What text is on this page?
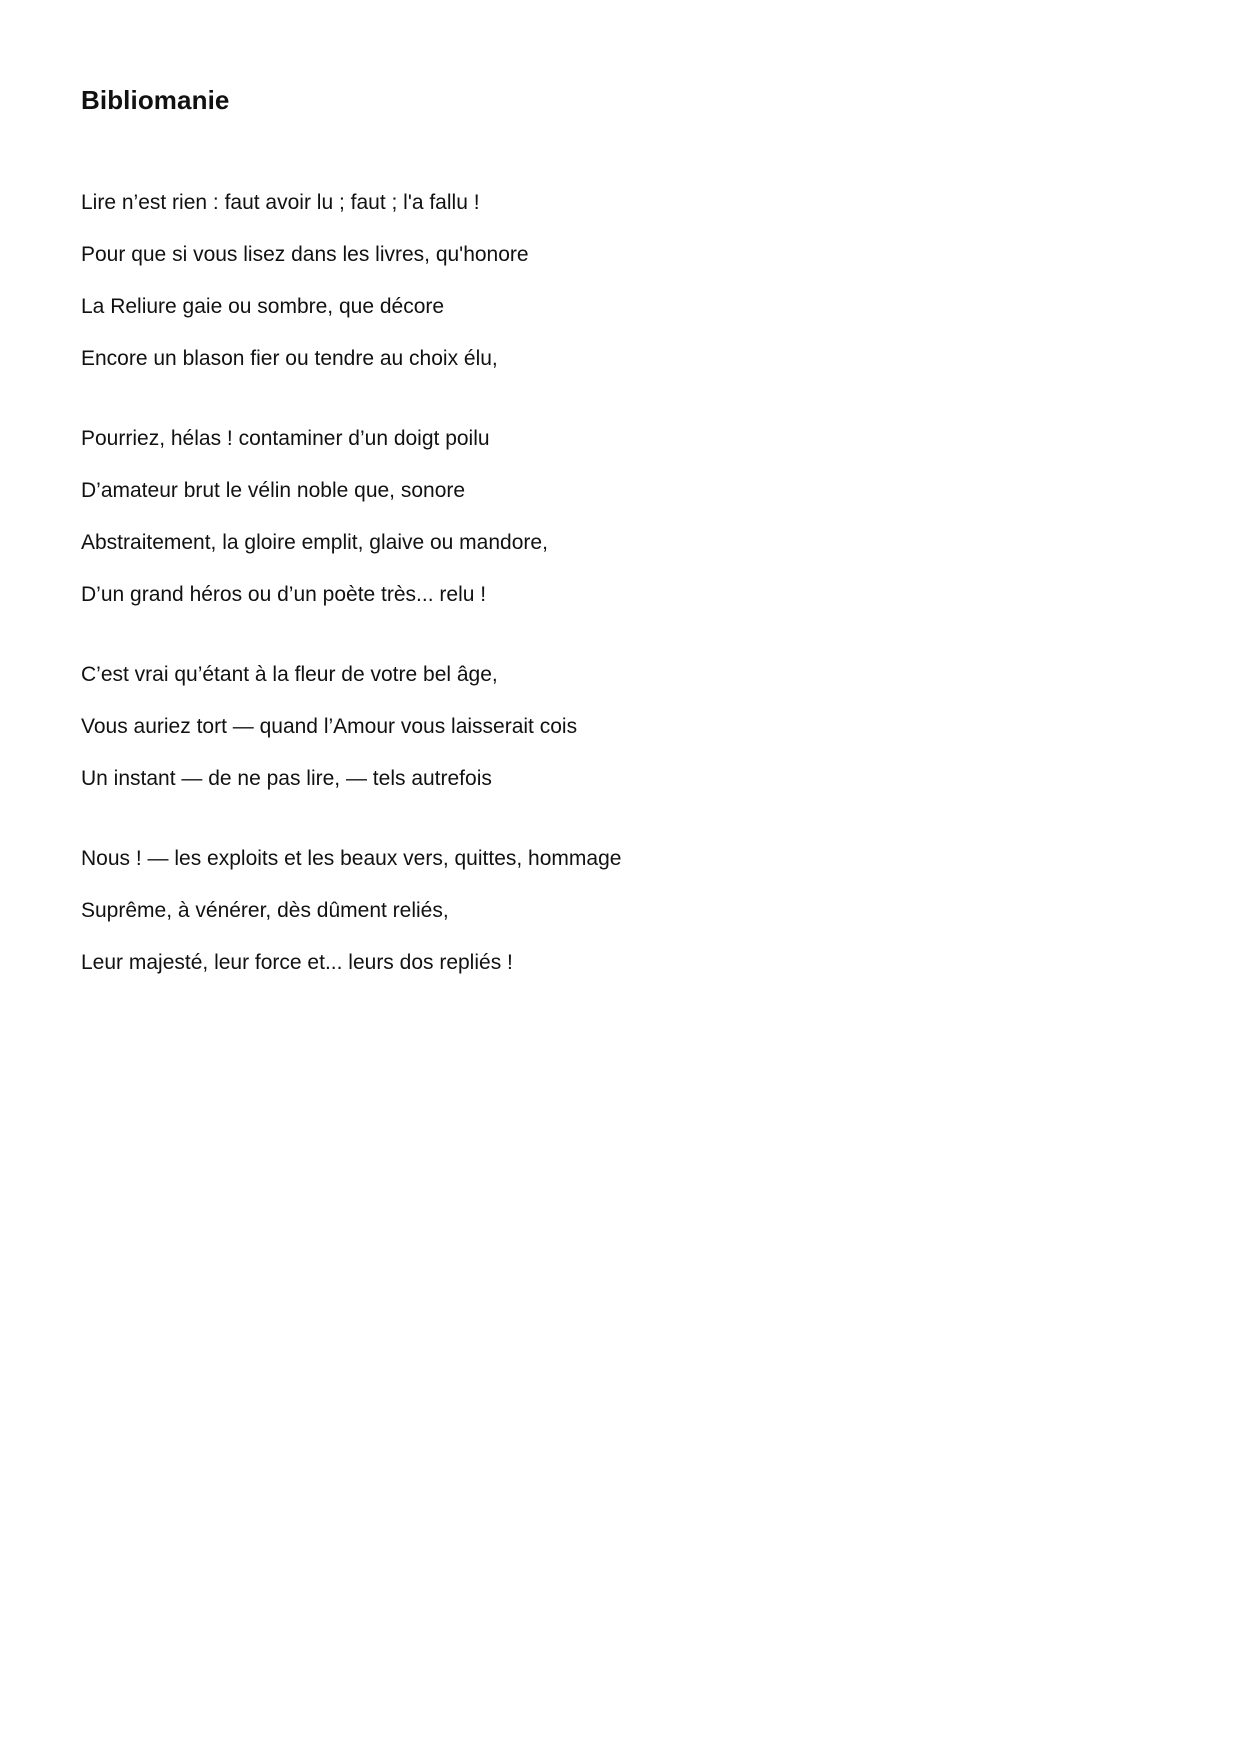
Bibliomanie
Lire n’est rien : faut avoir lu ; faut ; l'a fallu !
Pour que si vous lisez dans les livres, qu'honore
La Reliure gaie ou sombre, que décore
Encore un blason fier ou tendre au choix élu,
Pourriez, hélas ! contaminer d’un doigt poilu
D’amateur brut le vélin noble que, sonore
Abstraitement, la gloire emplit, glaive ou mandore,
D’un grand héros ou d’un poète très... relu !
C’est vrai qu’étant à la fleur de votre bel âge,
Vous auriez tort — quand l’Amour vous laisserait cois
Un instant — de ne pas lire, — tels autrefois
Nous ! — les exploits et les beaux vers, quittes, hommage
Suprême, à vénérer, dès dûment reliés,
Leur majesté, leur force et... leurs dos repliés !
